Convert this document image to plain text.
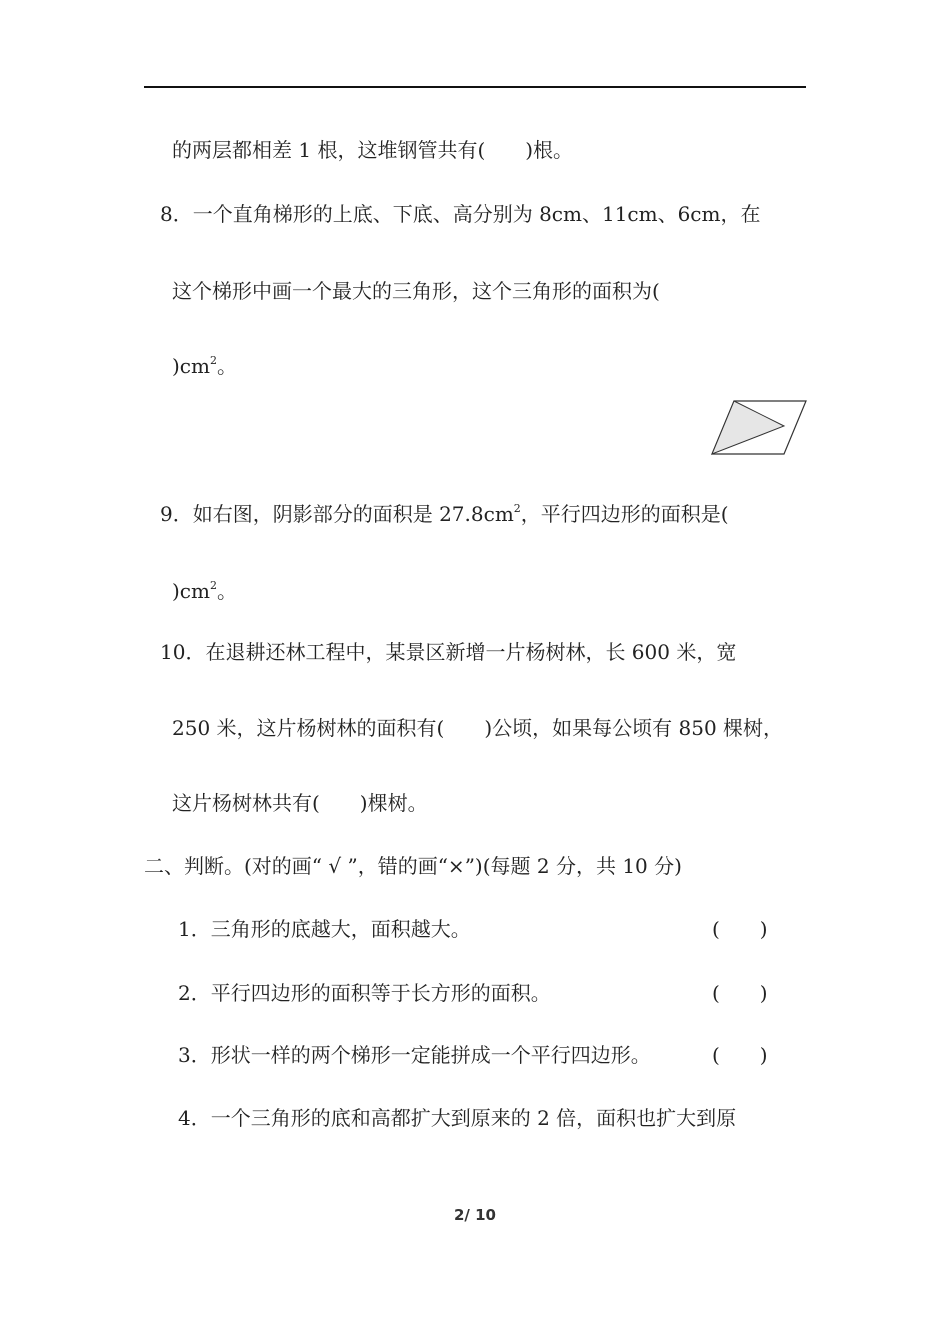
的两层都相差 1 根，这堆钢管共有(　　)根。
8．一个直角梯形的上底、下底、高分别为 8cm、11cm、6cm，在
这个梯形中画一个最大的三角形，这个三角形的面积为(
)$cm^2$。
9．如右图，阴影部分的面积是 $27.8cm^2$，平行四边形的面积是(
)$cm^2$。
10．在退耕还林工程中，某景区新增一片杨树林，长 600 米，宽
250 米，这片杨树林的面积有(　　)公顷，如果每公顷有 850 棵树，
这片杨树林共有(　　)棵树。
二、判断。(对的画“ √ ”，错的画“×”)(每题 2 分，共 10 分)
1．三角形的底越大，面积越大。	(　　)
2．平行四边形的面积等于长方形的面积。	(　　)
3．形状一样的两个梯形一定能拼成一个平行四边形。	(　　)
4．一个三角形的底和高都扩大到原来的 2 倍，面积也扩大到原
2/ 10
